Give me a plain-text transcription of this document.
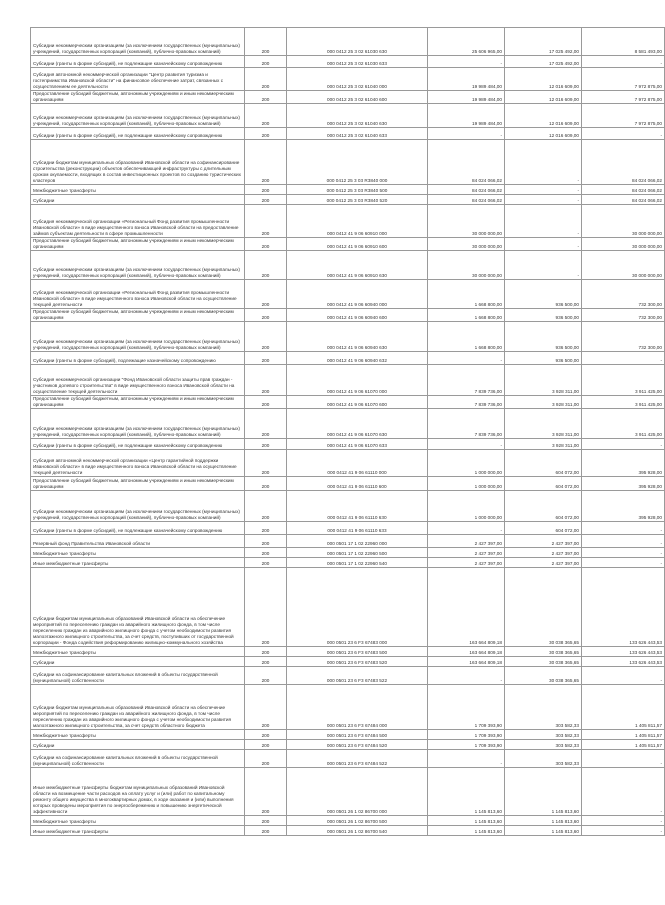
Субсидии некоммерческим организациям (за исключением государственных (муниципальных) учреждений, государственных корпораций (компаний), публично-правовых компаний)	200	000 0412 25 3 02 61030 630	25 606 965,00	17 025 492,00	8 581 493,00
Субсидии (гранты в форме субсидий), не подлежащие казначейскому сопровождению	200	000 0412 25 3 02 61030 633	-	17 025 492,00	-
Субсидия автономной некоммерческой организации "Центр развития туризма и гостеприимства Ивановской области" на финансовое обеспечение затрат, связанных с осуществлением ее деятельности	200	000 0412 25 3 02 61040 000	19 989 484,00	12 016 609,00	7 972 875,00
Предоставление субсидий бюджетным, автономным учреждениям и иным некоммерческим организациям	200	000 0412 25 3 02 61040 600	19 989 484,00	12 016 609,00	7 972 875,00
Субсидии некоммерческим организациям (за исключением государственных (муниципальных) учреждений, государственных корпораций (компаний), публично-правовых компаний)	200	000 0412 25 3 02 61040 630	19 989 484,00	12 016 609,00	7 972 875,00
Субсидии (гранты в форме субсидий), не подлежащие казначейскому сопровождению	200	000 0412 25 3 02 61040 633	-	12 016 609,00	-
Субсидии бюджетам муниципальных образований Ивановской области на софинансирование строительства (реконструкции) объектов обеспечивающей инфраструктуры с длительным сроком окупаемости, входящих в состав инвестиционных проектов по созданию туристических кластеров	200	000 0412 25 3 03 R3840 000	84 024 066,02	-	84 024 066,02
Межбюджетные трансферты	200	000 0412 25 3 03 R3840 500	84 024 066,02	-	84 024 066,02
Субсидии	200	000 0412 25 3 03 R3840 520	84 024 066,02	-	84 024 066,02
Субсидия некоммерческой организации «Региональный Фонд развития промышленности Ивановской области» в виде имущественного взноса Ивановской области на предоставление займов субъектам деятельности в сфере промышленности	200	000 0412 41 9 06 60910 000	30 000 000,00	-	30 000 000,00
Предоставление субсидий бюджетным, автономным учреждениям и иным некоммерческим организациям	200	000 0412 41 9 06 60910 600	30 000 000,00	-	30 000 000,00
Субсидии некоммерческим организациям (за исключением государственных (муниципальных) учреждений, государственных корпораций (компаний), публично-правовых компаний)	200	000 0412 41 9 06 60910 630	30 000 000,00	-	30 000 000,00
Субсидия некоммерческой организации «Региональный Фонд развития промышленности Ивановской области» в виде имущественного взноса Ивановской области на осуществление текущей деятельности	200	000 0412 41 9 06 60940 000	1 668 800,00	936 500,00	732 300,00
Предоставление субсидий бюджетным, автономным учреждениям и иным некоммерческим организациям	200	000 0412 41 9 06 60940 600	1 668 800,00	936 500,00	732 300,00
Субсидии некоммерческим организациям (за исключением государственных (муниципальных) учреждений, государственных корпораций (компаний), публично-правовых компаний)	200	000 0412 41 9 06 60940 630	1 668 800,00	936 500,00	732 300,00
Субсидии (гранты в форме субсидий), подлежащие казначейскому сопровождению	200	000 0412 41 9 06 60940 632	-	936 500,00	-
Субсидия некоммерческой организации "Фонд Ивановской области защиты прав граждан - участников долевого строительства" в виде имущественного взноса Ивановской области на осуществление текущей деятельности	200	000 0412 41 9 06 61070 000	7 839 736,00	3 928 311,00	3 911 425,00
Предоставление субсидий бюджетным, автономным учреждениям и иным некоммерческим организациям	200	000 0412 41 9 06 61070 600	7 839 736,00	3 928 311,00	3 911 425,00
Субсидии некоммерческим организациям (за исключением государственных (муниципальных) учреждений, государственных корпораций (компаний), публично-правовых компаний)	200	000 0412 41 9 06 61070 630	7 839 736,00	3 928 311,00	3 911 425,00
Субсидии (гранты в форме субсидий), не подлежащие казначейскому сопровождению	200	000 0412 41 9 06 61070 633	-	3 928 311,00	-
Субсидия автономной некоммерческой организации «Центр гарантийной поддержки Ивановской области» в виде имущественного взноса Ивановской области на осуществление текущей деятельности	200	000 0412 41 9 06 61110 000	1 000 000,00	604 072,00	395 928,00
Предоставление субсидий бюджетным, автономным учреждениям и иным некоммерческим организациям	200	000 0412 41 9 06 61110 600	1 000 000,00	604 072,00	395 928,00
Субсидии некоммерческим организациям (за исключением государственных (муниципальных) учреждений, государственных корпораций (компаний), публично-правовых компаний)	200	000 0412 41 9 06 61110 630	1 000 000,00	604 072,00	395 928,00
Субсидии (гранты в форме субсидий), не подлежащие казначейскому сопровождению	200	000 0412 41 9 06 61110 633	-	604 072,00	-
Резервный фонд Правительства Ивановской области	200	000 0501 17 1 02 22960 000	2 427 397,00	2 427 397,00	-
Межбюджетные трансферты	200	000 0501 17 1 02 22960 500	2 427 397,00	2 427 397,00	-
Иные межбюджетные трансферты	200	000 0501 17 1 02 22960 540	2 427 397,00	2 427 397,00	-
Субсидии бюджетам муниципальных образований Ивановской области на обеспечение мероприятий по переселению граждан из аварийного жилищного фонда, в том числе переселению граждан из аварийного жилищного фонда с учетом необходимости развития малоэтажного жилищного строительства, за счет средств, поступивших от государственной корпорации - Фонда содействия реформированию жилищно-коммунального хозяйства	200	000 0501 23 6 F3 67483 000	163 664 809,18	30 038 365,65	133 626 443,53
Межбюджетные трансферты	200	000 0501 23 6 F3 67483 500	163 664 809,18	30 038 365,65	133 626 443,53
Субсидии	200	000 0501 23 6 F3 67483 520	163 664 809,18	30 038 365,65	133 626 443,53
Субсидии на софинансирование капитальных вложений в объекты государственной (муниципальной) собственности	200	000 0501 23 6 F3 67483 522	-	30 038 365,65	-
Субсидии бюджетам муниципальных образований Ивановской области на обеспечение мероприятий по переселению граждан из аварийного жилищного фонда, в том числе переселению граждан из аварийного жилищного фонда с учетом необходимости развития малоэтажного жилищного строительства, за счет средств областного бюджета	200	000 0501 23 6 F3 67484 000	1 709 393,90	303 582,33	1 405 811,57
Межбюджетные трансферты	200	000 0501 23 6 F3 67484 500	1 709 393,90	303 582,33	1 405 811,57
Субсидии	200	000 0501 23 6 F3 67484 520	1 709 393,90	303 582,33	1 405 811,57
Субсидии на софинансирование капитальных вложений в объекты государственной (муниципальной) собственности	200	000 0501 23 6 F3 67484 522	-	303 582,33	-
Иные межбюджетные трансферты бюджетам муниципальных образований Ивановской области на возмещение части расходов на оплату услуг и (или) работ по капитальному ремонту общего имущества в многоквартирных домах, в ходе оказания и (или) выполнения которых проведены мероприятия по энергосбережению и повышению энергетической эффективности	200	000 0501 26 1 02 86700 000	1 145 813,60	1 145 813,60	-
Межбюджетные трансферты	200	000 0501 26 1 02 86700 500	1 145 813,60	1 145 813,60	-
Иные межбюджетные трансферты	200	000 0501 26 1 02 86700 540	1 145 813,60	1 145 813,60	-
